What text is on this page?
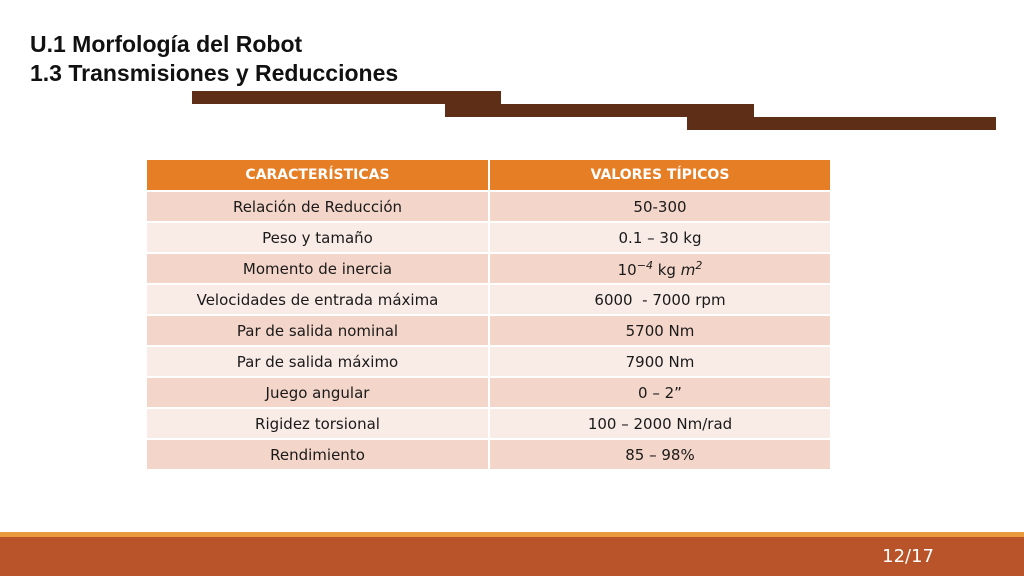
U.1 Morfología del Robot
1.3 Transmisiones y Reducciones
CARACTERÍSTICAS	VALORES TÍPICOS
Relación de Reducción	50-300
Peso y tamaño	0.1 – 30 kg
Momento de inercia	$10^{-4}$ kg $m^2$
Velocidades de entrada máxima	6000  - 7000 rpm
Par de salida nominal	5700 Nm
Par de salida máximo	7900 Nm
Juego angular	0 – 2”
Rigidez torsional	100 – 2000 Nm/rad
Rendimiento	85 – 98%
12/17
